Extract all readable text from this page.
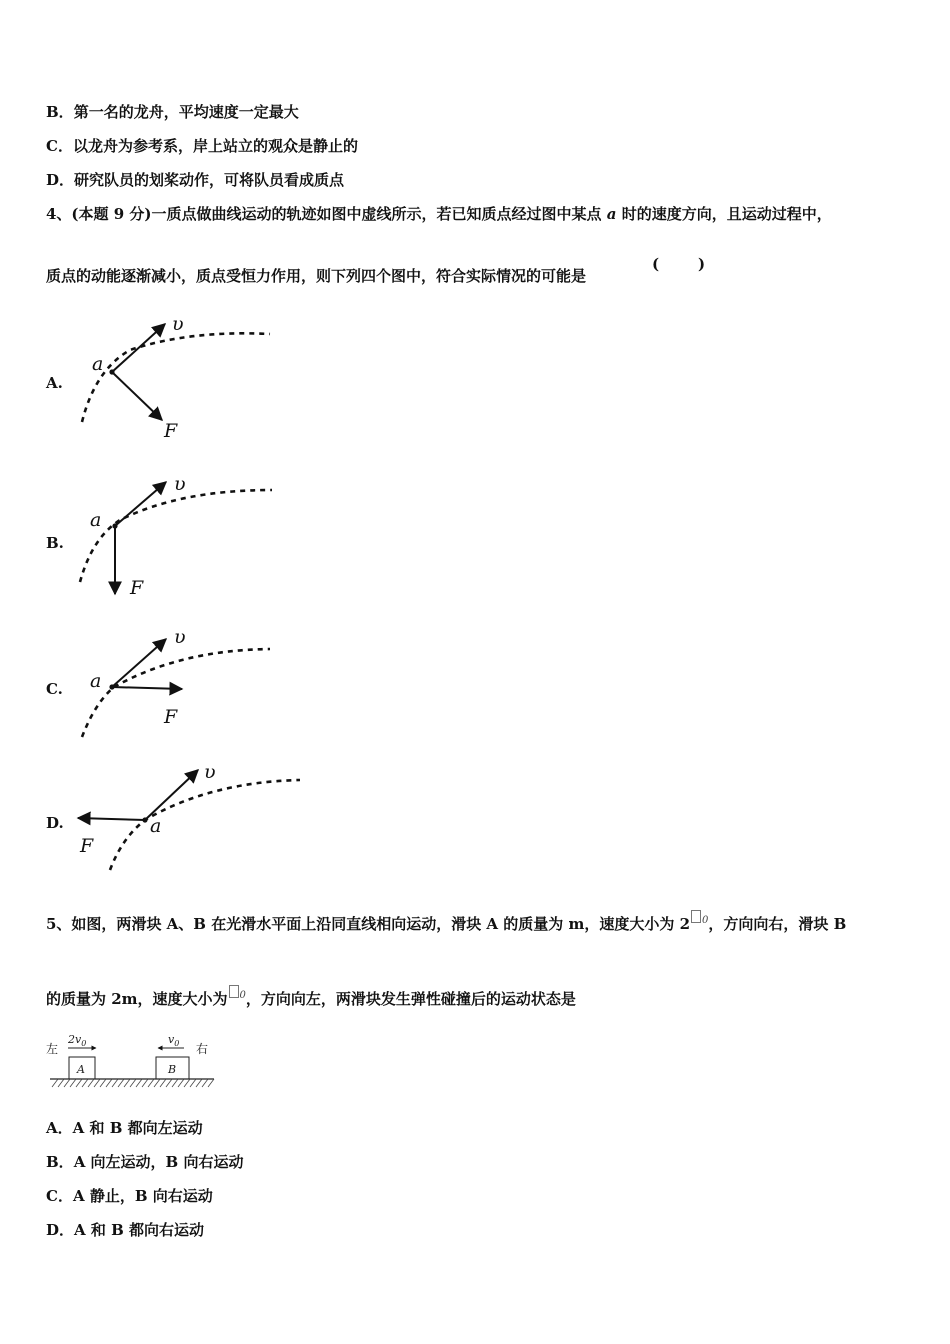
B．第一名的龙舟，平均速度一定最大
C．以龙舟为参考系，岸上站立的观众是静止的
D．研究队员的划桨动作，可将队员看成质点
4、(本题 9 分)一质点做曲线运动的轨迹如图中虚线所示，若已知质点经过图中某点 a 时的速度方向，且运动过程中，
质点的动能逐渐减小，质点受恒力作用，则下列四个图中，符合实际情况的可能是
(	)
A.
υ
a
F
B.
υ
a
F
C.
υ
a
F
D.
υ
a
F
5、如图，两滑块 A、B 在光滑水平面上沿同直线相向运动，滑块 A 的质量为 m，速度大小为 2 $^0$，方向向右，滑块 B
的质量为 2m，速度大小为 $^0$，方向向左，两滑块发生弹性碰撞后的运动状态是
左	右
$2v_0$	$v_0$
A	B
A．A 和 B 都向左运动
B．A 向左运动，B 向右运动
C．A 静止，B 向右运动
D．A 和 B 都向右运动
